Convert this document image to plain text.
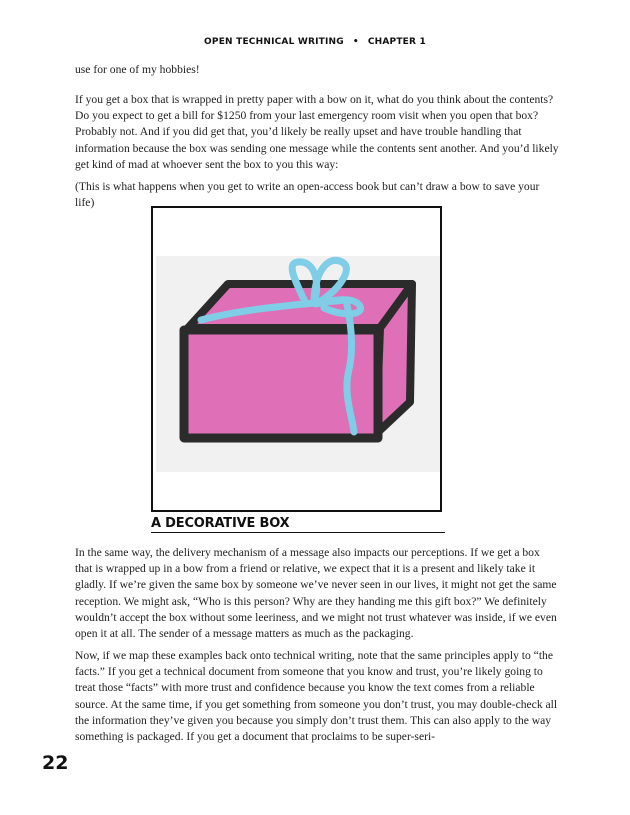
OPEN TECHNICAL WRITING • CHAPTER 1

use for one of my hobbies!

If you get a box that is wrapped in pretty paper with a bow on it, what do you think about the contents? Do you expect to get a bill for $1250 from your last emergency room visit when you open that box? Probably not. And if you did get that, you’d likely be really upset and have trouble handling that information because the box was sending one message while the contents sent another. And you’d likely get kind of mad at whoever sent the box to you this way:

(This is what happens when you get to write an open-access book but can’t draw a bow to save your life)

A DECORATIVE BOX

In the same way, the delivery mechanism of a message also impacts our perceptions. If we get a box that is wrapped up in a bow from a friend or relative, we expect that it is a present and likely take it gladly. If we’re given the same box by someone we’ve never seen in our lives, it might not get the same reception. We might ask, “Who is this person? Why are they handing me this gift box?” We definitely wouldn’t accept the box without some leeriness, and we might not trust whatever was inside, if we even open it at all. The sender of a message matters as much as the packaging.

Now, if we map these examples back onto technical writing, note that the same principles apply to “the facts.” If you get a technical document from someone that you know and trust, you’re likely going to treat those “facts” with more trust and confidence because you know the text comes from a reliable source. At the same time, if you get something from someone you don’t trust, you may double-check all the information they’ve given you because you simply don’t trust them. This can also apply to the way something is packaged. If you get a document that proclaims to be super-seri-

22
